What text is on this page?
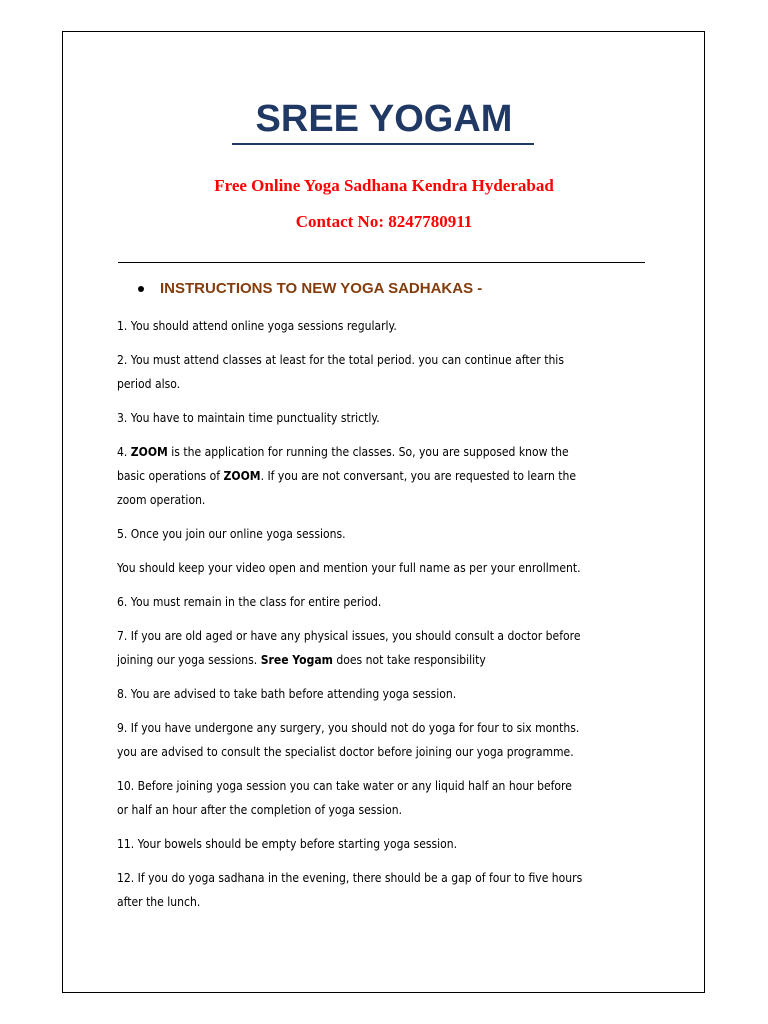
SREE YOGAM

Free Online Yoga Sadhana Kendra Hyderabad

Contact No: 8247780911

INSTRUCTIONS TO NEW YOGA SADHAKAS -

1. You should attend online yoga sessions regularly.

2. You must attend classes at least for the total period. you can continue after this

period also.

3. You have to maintain time punctuality strictly.

4. ZOOM is the application for running the classes. So, you are supposed know the

basic operations of ZOOM. If you are not conversant, you are requested to learn the

zoom operation.

5. Once you join our online yoga sessions.

You should keep your video open and mention your full name as per your enrollment.

6. You must remain in the class for entire period.

7. If you are old aged or have any physical issues, you should consult a doctor before

joining our yoga sessions. Sree Yogam does not take responsibility

8. You are advised to take bath before attending yoga session.

9. If you have undergone any surgery, you should not do yoga for four to six months.

you are advised to consult the specialist doctor before joining our yoga programme.

10. Before joining yoga session you can take water or any liquid half an hour before

or half an hour after the completion of yoga session.

11. Your bowels should be empty before starting yoga session.

12. If you do yoga sadhana in the evening, there should be a gap of four to five hours

after the lunch.
